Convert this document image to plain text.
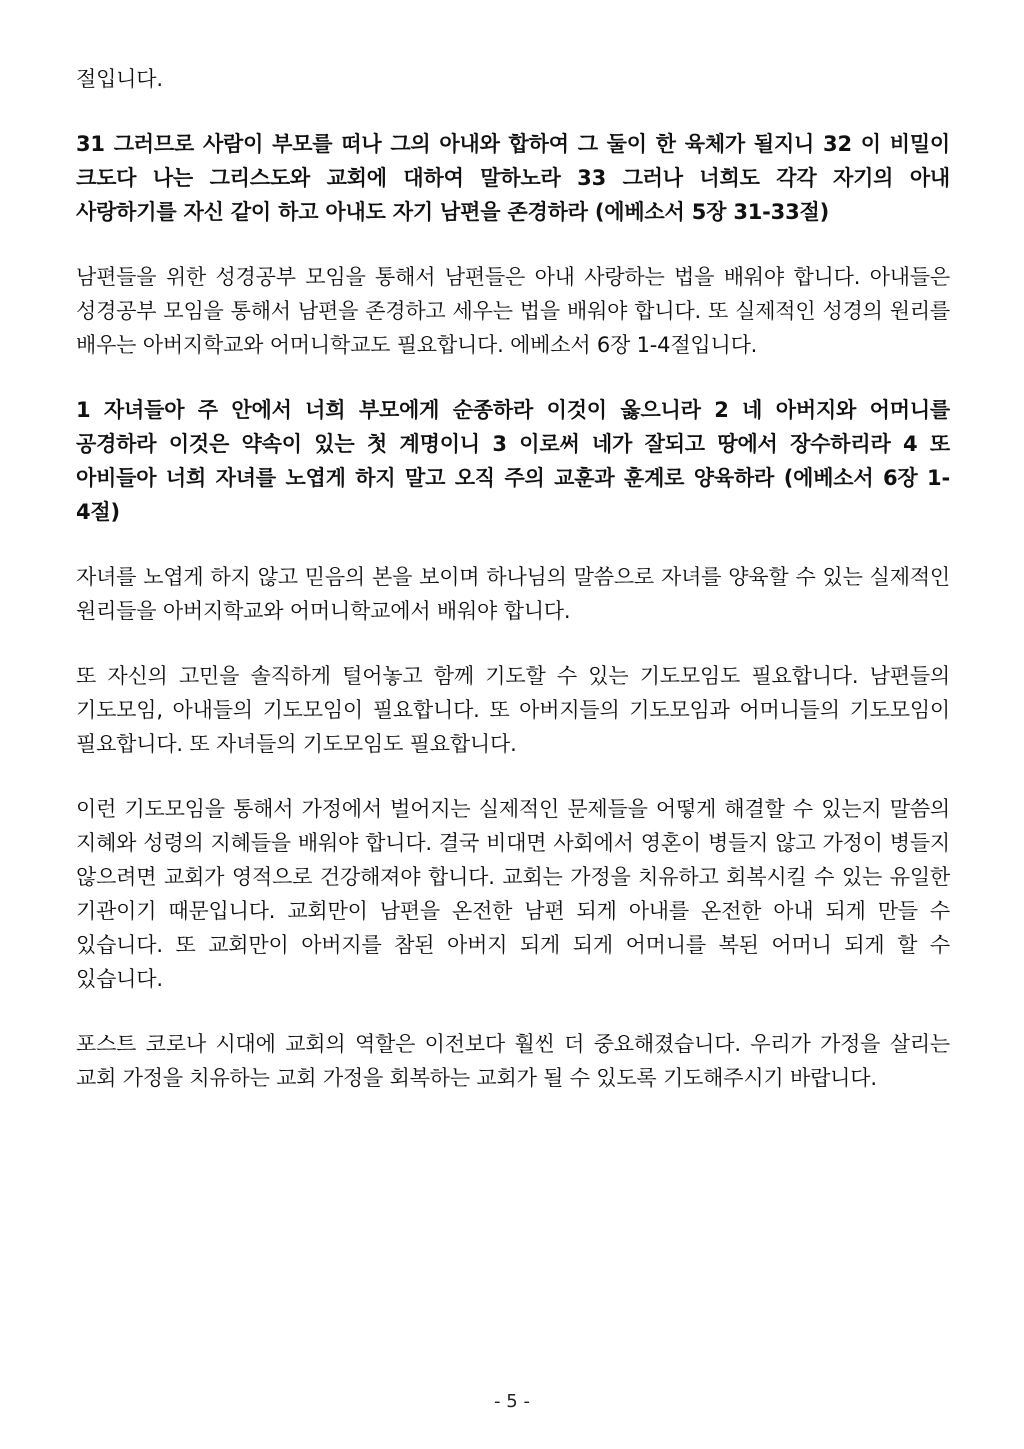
절입니다.

31 그러므로 사람이 부모를 떠나 그의 아내와 합하여 그 둘이 한 육체가 될지니 32 이 비밀이 크도다 나는 그리스도와 교회에 대하여 말하노라 33 그러나 너희도 각각 자기의 아내 사랑하기를 자신 같이 하고 아내도 자기 남편을 존경하라 (에베소서 5장 31-33절)

남편들을 위한 성경공부 모임을 통해서 남편들은 아내 사랑하는 법을 배워야 합니다. 아내들은 성경공부 모임을 통해서 남편을 존경하고 세우는 법을 배워야 합니다. 또 실제적인 성경의 원리를 배우는 아버지학교와 어머니학교도 필요합니다. 에베소서 6장 1-4절입니다.

1 자녀들아 주 안에서 너희 부모에게 순종하라 이것이 옳으니라 2 네 아버지와 어머니를 공경하라 이것은 약속이 있는 첫 계명이니 3 이로써 네가 잘되고 땅에서 장수하리라 4 또 아비들아 너희 자녀를 노엽게 하지 말고 오직 주의 교훈과 훈계로 양육하라 (에베소서 6장 1-4절)

자녀를 노엽게 하지 않고 믿음의 본을 보이며 하나님의 말씀으로 자녀를 양육할 수 있는 실제적인 원리들을 아버지학교와 어머니학교에서 배워야 합니다.

또 자신의 고민을 솔직하게 털어놓고 함께 기도할 수 있는 기도모임도 필요합니다. 남편들의 기도모임, 아내들의 기도모임이 필요합니다. 또 아버지들의 기도모임과 어머니들의 기도모임이 필요합니다. 또 자녀들의 기도모임도 필요합니다.

이런 기도모임을 통해서 가정에서 벌어지는 실제적인 문제들을 어떻게 해결할 수 있는지 말씀의 지혜와 성령의 지혜들을 배워야 합니다. 결국 비대면 사회에서 영혼이 병들지 않고 가정이 병들지 않으려면 교회가 영적으로 건강해져야 합니다. 교회는 가정을 치유하고 회복시킬 수 있는 유일한 기관이기 때문입니다. 교회만이 남편을 온전한 남편 되게 아내를 온전한 아내 되게 만들 수 있습니다. 또 교회만이 아버지를 참된 아버지 되게 되게 어머니를 복된 어머니 되게 할 수 있습니다.

포스트 코로나 시대에 교회의 역할은 이전보다 훨씬 더 중요해졌습니다. 우리가 가정을 살리는 교회 가정을 치유하는 교회 가정을 회복하는 교회가 될 수 있도록 기도해주시기 바랍니다.

- 5 -
